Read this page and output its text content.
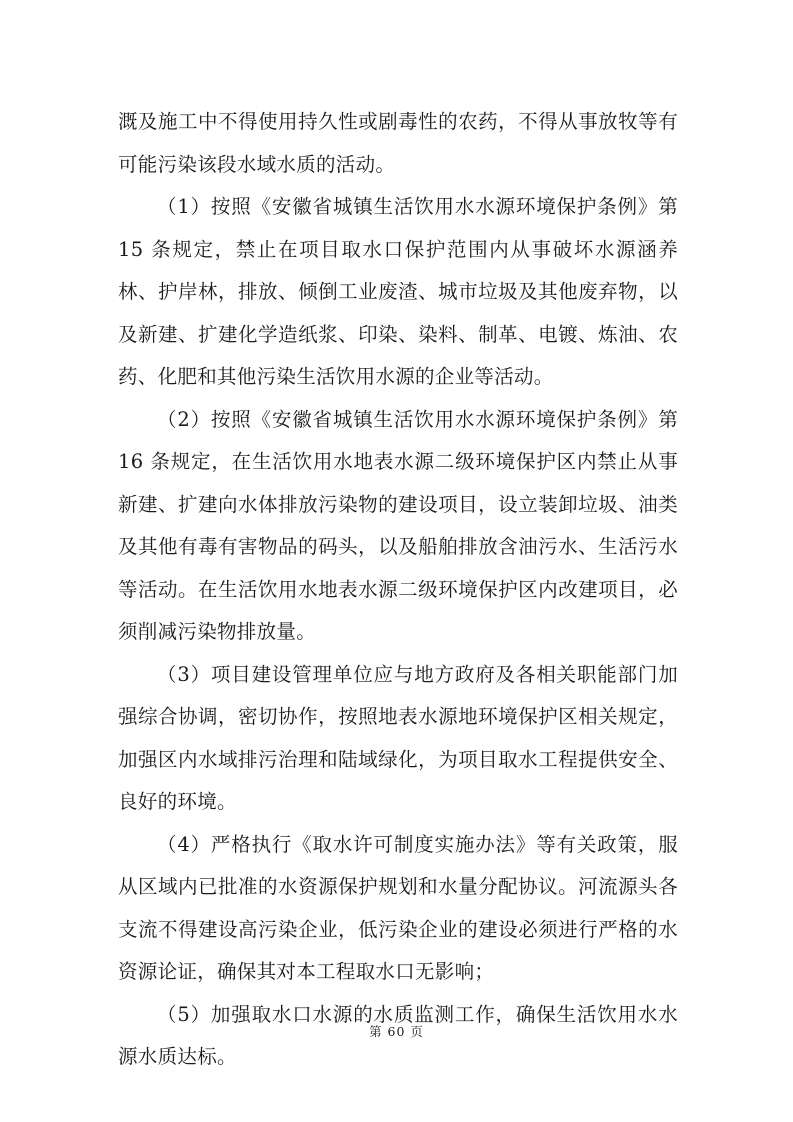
溉及施工中不得使用持久性或剧毒性的农药，不得从事放牧等有可能污染该段水域水质的活动。

（1）按照《安徽省城镇生活饮用水水源环境保护条例》第 15 条规定，禁止在项目取水口保护范围内从事破坏水源涵养林、护岸林，排放、倾倒工业废渣、城市垃圾及其他废弃物，以及新建、扩建化学造纸浆、印染、染料、制革、电镀、炼油、农药、化肥和其他污染生活饮用水源的企业等活动。

（2）按照《安徽省城镇生活饮用水水源环境保护条例》第 16 条规定，在生活饮用水地表水源二级环境保护区内禁止从事新建、扩建向水体排放污染物的建设项目，设立装卸垃圾、油类及其他有毒有害物品的码头，以及船舶排放含油污水、生活污水等活动。在生活饮用水地表水源二级环境保护区内改建项目，必须削减污染物排放量。

（3）项目建设管理单位应与地方政府及各相关职能部门加强综合协调，密切协作，按照地表水源地环境保护区相关规定，加强区内水域排污治理和陆域绿化，为项目取水工程提供安全、良好的环境。

（4）严格执行《取水许可制度实施办法》等有关政策，服从区域内已批准的水资源保护规划和水量分配协议。河流源头各支流不得建设高污染企业，低污染企业的建设必须进行严格的水资源论证，确保其对本工程取水口无影响；

（5）加强取水口水源的水质监测工作，确保生活饮用水水源水质达标。

第 60 页
